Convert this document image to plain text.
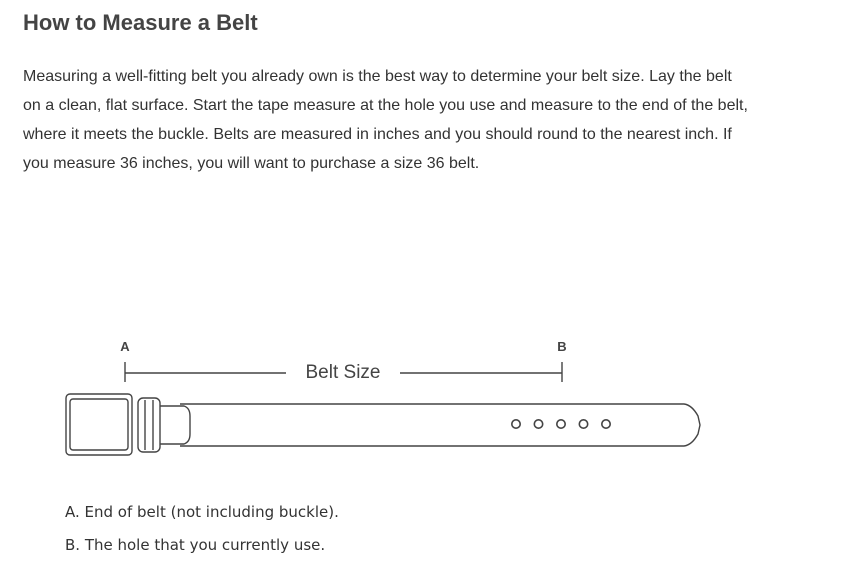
How to Measure a Belt

Measuring a well-fitting belt you already own is the best way to determine your belt size. Lay the belt on a clean, flat surface. Start the tape measure at the hole you use and measure to the end of the belt, where it meets the buckle. Belts are measured in inches and you should round to the nearest inch. If you measure 36 inches, you will want to purchase a size 36 belt.

A	B
Belt Size
A. End of belt (not including buckle).
B. The hole that you currently use.
